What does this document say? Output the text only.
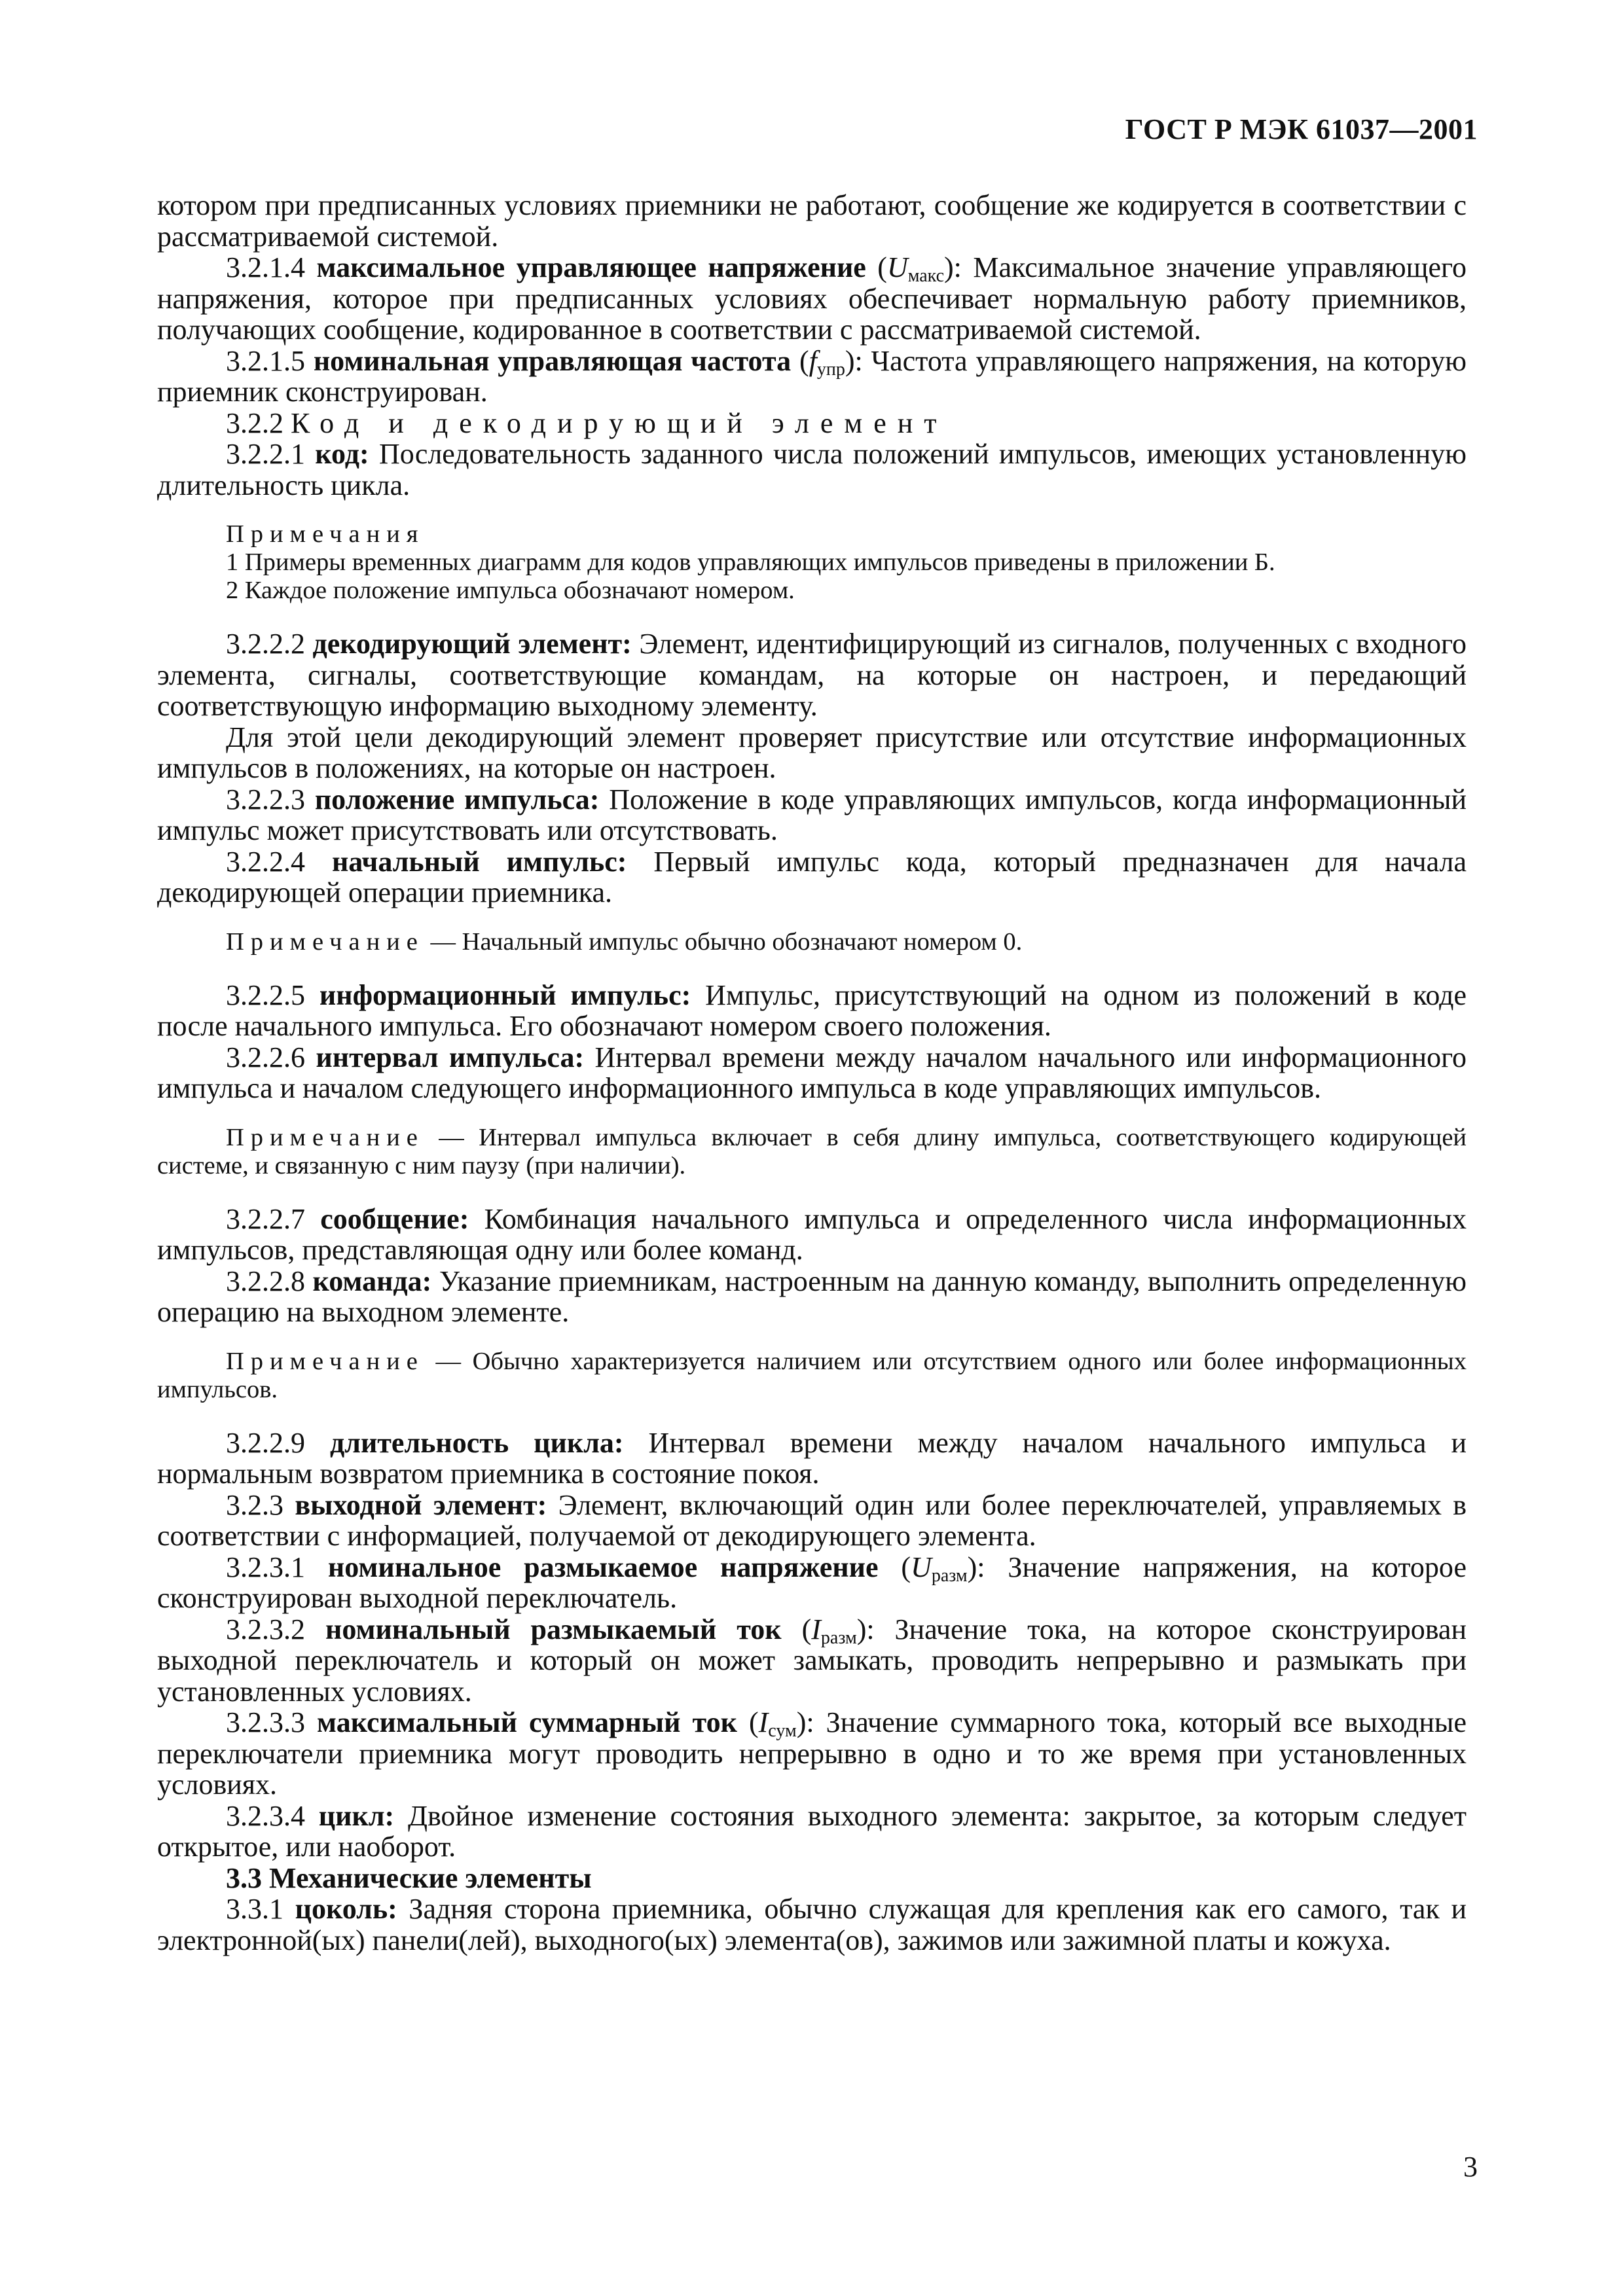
ГОСТ Р МЭК 61037—2001

котором при предписанных условиях приемники не работают, сообщение же кодируется в соответствии с рассматриваемой системой.

3.2.1.4 максимальное управляющее напряжение $(U_{макс})$: Максимальное значение управляющего напряжения, которое при предписанных условиях обеспечивает нормальную работу приемников, получающих сообщение, кодированное в соответствии с рассматриваемой системой.

3.2.1.5 номинальная управляющая частота $(f_{упр})$: Частота управляющего напряжения, на которую приемник сконструирован.

3.2.2 Код и декодирующий элемент

3.2.2.1 код: Последовательность заданного числа положений импульсов, имеющих установленную длительность цикла.

Примечания

1 Примеры временных диаграмм для кодов управляющих импульсов приведены в приложении Б.

2 Каждое положение импульса обозначают номером.

3.2.2.2 декодирующий элемент: Элемент, идентифицирующий из сигналов, полученных с входного элемента, сигналы, соответствующие командам, на которые он настроен, и передающий соответствующую информацию выходному элементу.

Для этой цели декодирующий элемент проверяет присутствие или отсутствие информационных импульсов в положениях, на которые он настроен.

3.2.2.3 положение импульса: Положение в коде управляющих импульсов, когда информационный импульс может присутствовать или отсутствовать.

3.2.2.4 начальный импульс: Первый импульс кода, который предназначен для начала декодирующей операции приемника.

Примечание — Начальный импульс обычно обозначают номером 0.

3.2.2.5 информационный импульс: Импульс, присутствующий на одном из положений в коде после начального импульса. Его обозначают номером своего положения.

3.2.2.6 интервал импульса: Интервал времени между началом начального или информационного импульса и началом следующего информационного импульса в коде управляющих импульсов.

Примечание — Интервал импульса включает в себя длину импульса, соответствующего кодирующей системе, и связанную с ним паузу (при наличии).

3.2.2.7 сообщение: Комбинация начального импульса и определенного числа информационных импульсов, представляющая одну или более команд.

3.2.2.8 команда: Указание приемникам, настроенным на данную команду, выполнить определенную операцию на выходном элементе.

Примечание — Обычно характеризуется наличием или отсутствием одного или более информационных импульсов.

3.2.2.9 длительность цикла: Интервал времени между началом начального импульса и нормальным возвратом приемника в состояние покоя.

3.2.3 выходной элемент: Элемент, включающий один или более переключателей, управляемых в соответствии с информацией, получаемой от декодирующего элемента.

3.2.3.1 номинальное размыкаемое напряжение $(U_{разм})$: Значение напряжения, на которое сконструирован выходной переключатель.

3.2.3.2 номинальный размыкаемый ток $(I_{разм})$: Значение тока, на которое сконструирован выходной переключатель и который он может замыкать, проводить непрерывно и размыкать при установленных условиях.

3.2.3.3 максимальный суммарный ток $(I_{сум})$: Значение суммарного тока, который все выходные переключатели приемника могут проводить непрерывно в одно и то же время при установленных условиях.

3.2.3.4 цикл: Двойное изменение состояния выходного элемента: закрытое, за которым следует открытое, или наоборот.

3.3 Механические элементы

3.3.1 цоколь: Задняя сторона приемника, обычно служащая для крепления как его самого, так и электронной(ых) панели(лей), выходного(ых) элемента(ов), зажимов или зажимной платы и кожуха.

3
